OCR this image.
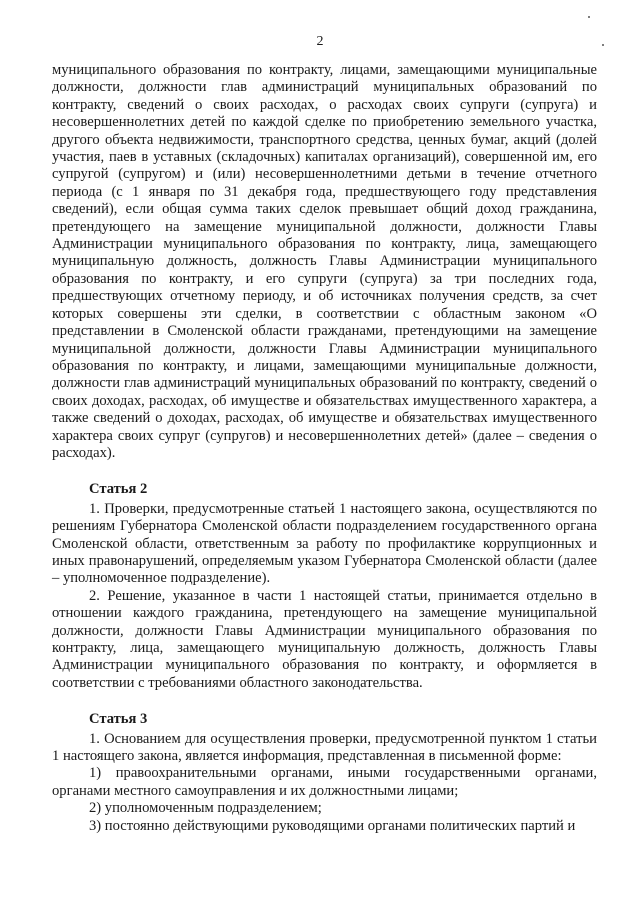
2

муниципального образования по контракту, лицами, замещающими муниципальные должности, должности глав администраций муниципальных образований по контракту, сведений о своих расходах, о расходах своих супруги (супруга) и несовершеннолетних детей по каждой сделке по приобретению земельного участка, другого объекта недвижимости, транспортного средства, ценных бумаг, акций (долей участия, паев в уставных (складочных) капиталах организаций), совершенной им, его супругой (супругом) и (или) несовершеннолетними детьми в течение отчетного периода (с 1 января по 31 декабря года, предшествующего году представления сведений), если общая сумма таких сделок превышает общий доход гражданина, претендующего на замещение муниципальной должности, должности Главы Администрации муниципального образования по контракту, лица, замещающего муниципальную должность, должность Главы Администрации муниципального образования по контракту, и его супруги (супруга) за три последних года, предшествующих отчетному периоду, и об источниках получения средств, за счет которых совершены эти сделки, в соответствии с областным законом «О представлении в Смоленской области гражданами, претендующими на замещение муниципальной должности, должности Главы Администрации муниципального образования по контракту, и лицами, замещающими муниципальные должности, должности глав администраций муниципальных образований по контракту, сведений о своих доходах, расходах, об имуществе и обязательствах имущественного характера, а также сведений о доходах, расходах, об имуществе и обязательствах имущественного характера своих супруг (супругов) и несовершеннолетних детей» (далее – сведения о расходах).

Статья 2

1. Проверки, предусмотренные статьей 1 настоящего закона, осуществляются по решениям Губернатора Смоленской области подразделением государственного органа Смоленской области, ответственным за работу по профилактике коррупционных и иных правонарушений, определяемым указом Губернатора Смоленской области (далее – уполномоченное подразделение).

2. Решение, указанное в части 1 настоящей статьи, принимается отдельно в отношении каждого гражданина, претендующего на замещение муниципальной должности, должности Главы Администрации муниципального образования по контракту, лица, замещающего муниципальную должность, должность Главы Администрации муниципального образования по контракту, и оформляется в соответствии с требованиями областного законодательства.

Статья 3

1. Основанием для осуществления проверки, предусмотренной пунктом 1 статьи 1 настоящего закона, является информация, представленная в письменной форме:

1) правоохранительными органами, иными государственными органами, органами местного самоуправления и их должностными лицами;

2) уполномоченным подразделением;

3) постоянно действующими руководящими органами политических партий и
